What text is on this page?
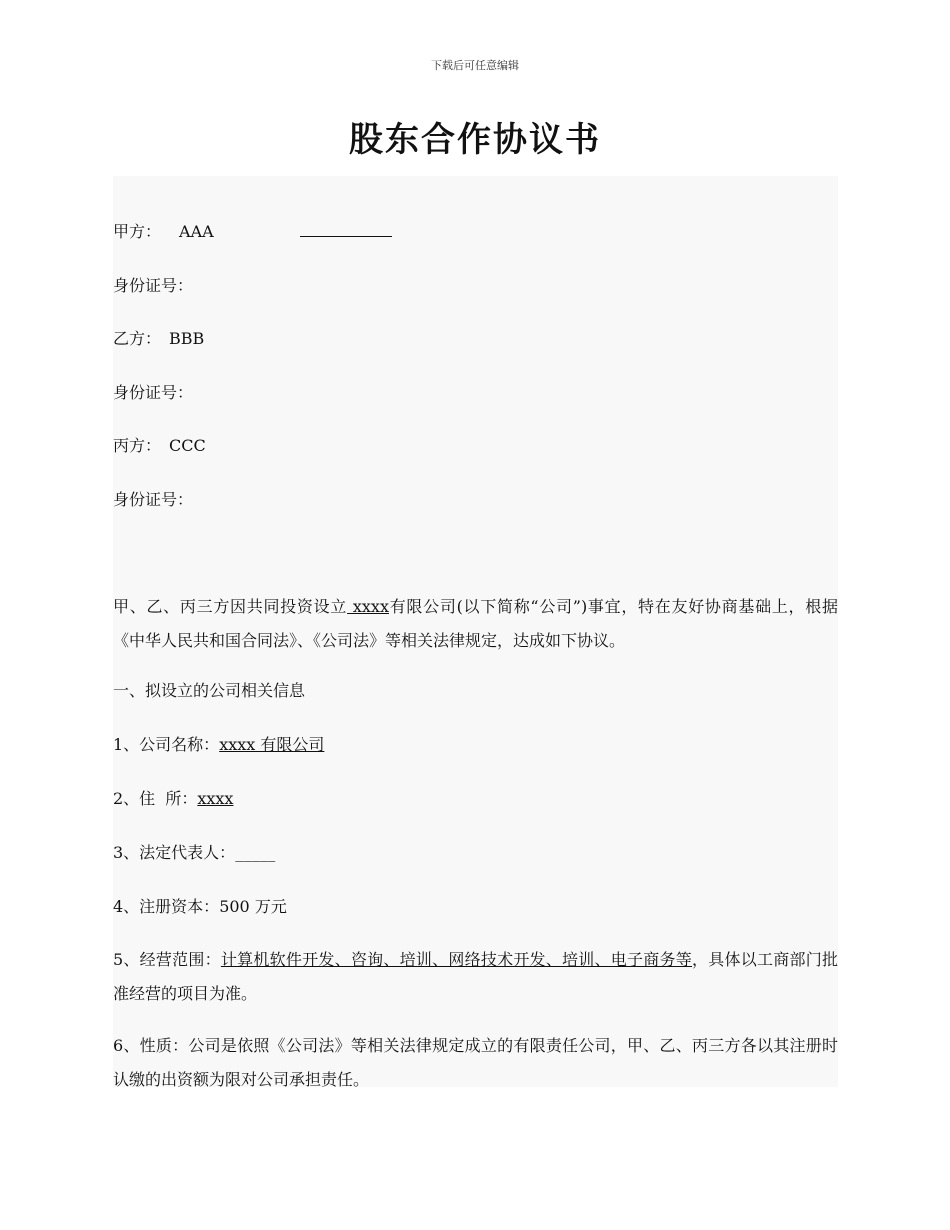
下载后可任意编辑
股东合作协议书
甲方： AAA
身份证号：
乙方： BBB
身份证号：
丙方： CCC
身份证号：
甲、乙、丙三方因共同投资设立 xxxx有限公司(以下简称“公司”)事宜，特在友好协商基础上，根据《中华人民共和国合同法》、《公司法》等相关法律规定，达成如下协议。
一、拟设立的公司相关信息
1、公司名称：xxxx 有限公司
2、住  所：xxxx
3、法定代表人：_____
4、注册资本：500 万元
5、经营范围：计算机软件开发、咨询、培训、网络技术开发、培训、电子商务等，具体以工商部门批准经营的项目为准。
6、性质：公司是依照《公司法》等相关法律规定成立的有限责任公司，甲、乙、丙三方各以其注册时认缴的出资额为限对公司承担责任。
